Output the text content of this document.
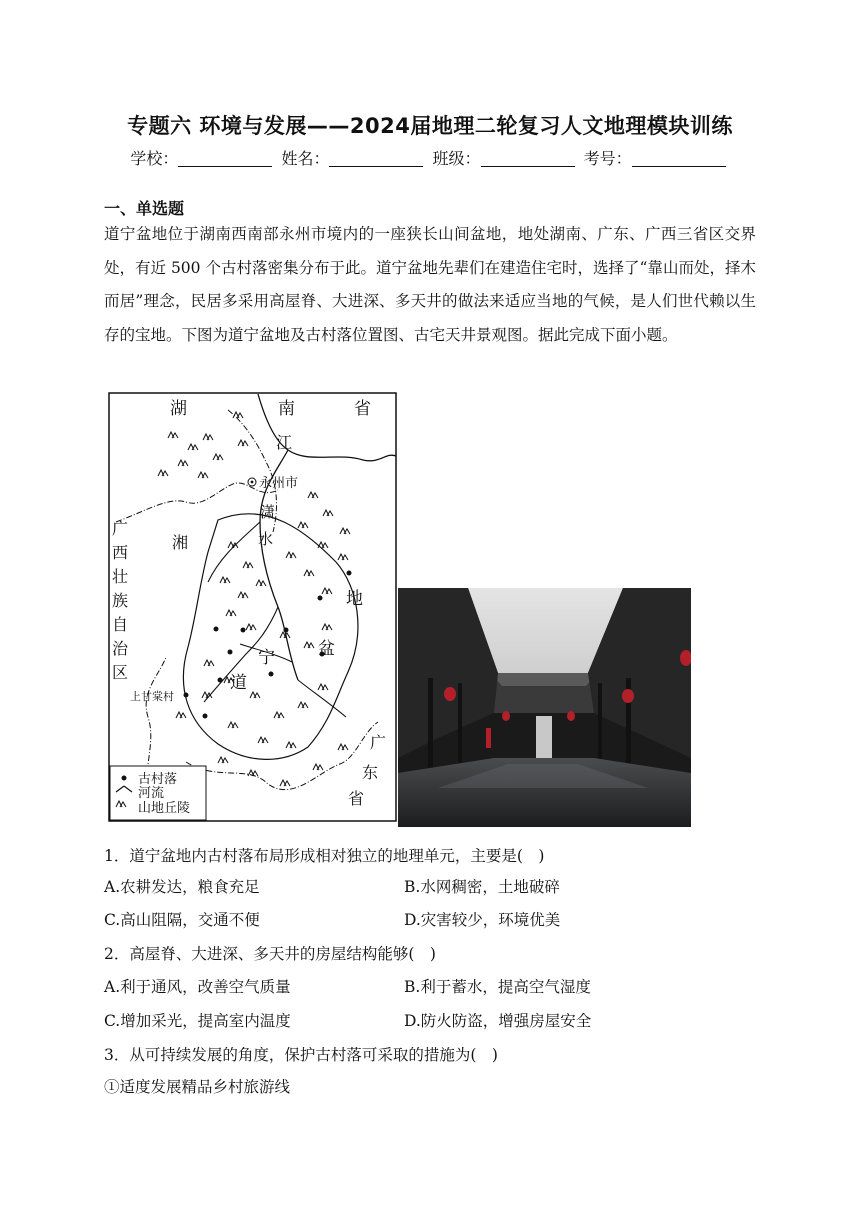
专题六 环境与发展——2024届地理二轮复习人文地理模块训练
学校：	姓名：	班级：	考号：
一、单选题
道宁盆地位于湖南西南部永州市境内的一座狭长山间盆地，地处湖南、广东、广西三省区交界处，有近 500 个古村落密集分布于此。道宁盆地先辈们在建造住宅时，选择了“靠山而处，择木而居”理念，民居多采用高屋脊、大进深、多天井的做法来适应当地的气候，是人们世代赖以生存的宝地。下图为道宁盆地及古村落位置图、古宅天井景观图。据此完成下面小题。
湖	南	省
江
永州市
潇
水
湘
广
西
壮
族
自
治
区
地
盆
宁
道
上甘棠村
广
东
省
古村落
河流
山地丘陵
1．道宁盆地内古村落布局形成相对独立的地理单元，主要是(　)
A.农耕发达，粮食充足	B.水网稠密，土地破碎
C.高山阻隔，交通不便	D.灾害较少，环境优美
2．高屋脊、大进深、多天井的房屋结构能够(　)
A.利于通风，改善空气质量	B.利于蓄水，提高空气湿度
C.增加采光，提高室内温度	D.防火防盗，增强房屋安全
3．从可持续发展的角度，保护古村落可采取的措施为(　)
①适度发展精品乡村旅游线
